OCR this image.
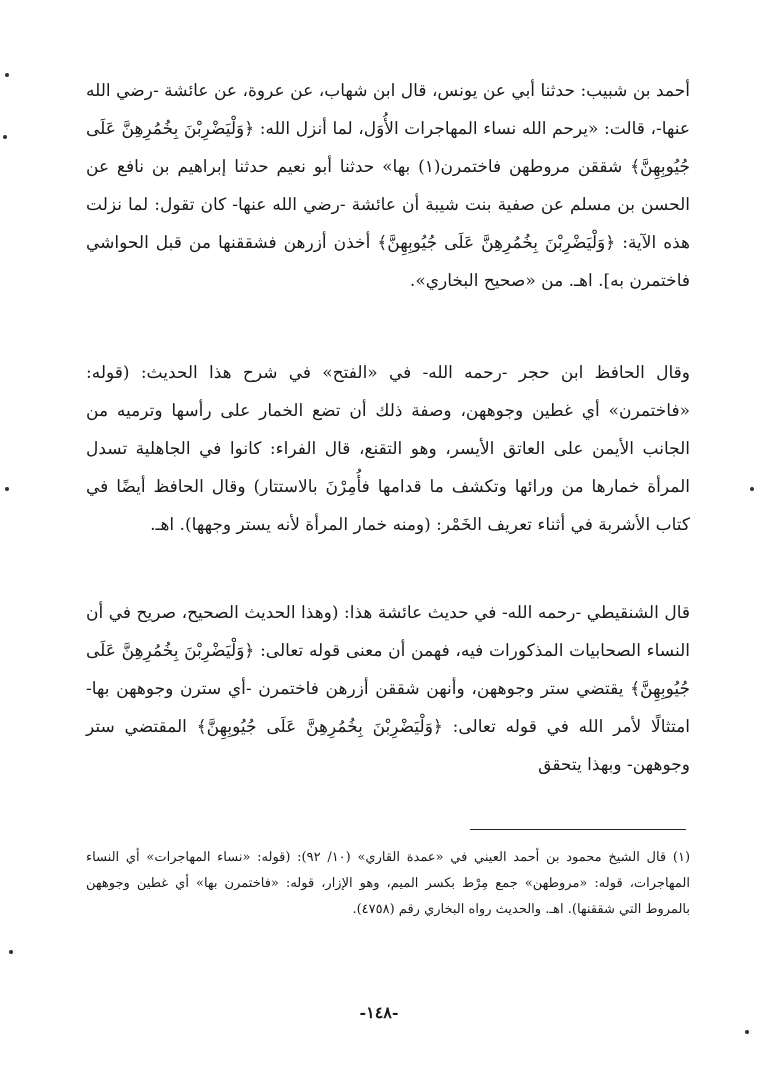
أحمد بن شبيب: حدثنا أبي عن يونس، قال ابن شهاب، عن عروة، عن عائشة -رضي الله عنها-، قالت: «يرحم الله نساء المهاجرات الأُوَل، لما أنزل الله: ﴿وَلْيَضْرِبْنَ بِخُمُرِهِنَّ عَلَى جُيُوبِهِنَّ﴾ شققن مروطهن فاختمرن(١) بها» حدثنا أبو نعيم حدثنا إبراهيم بن نافع عن الحسن بن مسلم عن صفية بنت شيبة أن عائشة -رضي الله عنها- كان تقول: لما نزلت هذه الآية: ﴿وَلْيَضْرِبْنَ بِخُمُرِهِنَّ عَلَى جُيُوبِهِنَّ﴾ أخذن أزرهن فشققنها من قبل الحواشي فاختمرن به]. اهـ. من «صحيح البخاري».

وقال الحافظ ابن حجر -رحمه الله- في «الفتح» في شرح هذا الحديث: (قوله: «فاختمرن» أي غطين وجوههن، وصفة ذلك أن تضع الخمار على رأسها وترميه من الجانب الأيمن على العاتق الأيسر، وهو التقنع، قال الفراء: كانوا في الجاهلية تسدل المرأة خمارها من ورائها وتكشف ما قدامها فأُمِرْنَ بالاستتار) وقال الحافظ أيضًا في كتاب الأشربة في أثناء تعريف الخَمْر: (ومنه خمار المرأة لأنه يستر وجهها). اهـ.

قال الشنقيطي -رحمه الله- في حديث عائشة هذا: (وهذا الحديث الصحيح، صريح في أن النساء الصحابيات المذكورات فيه، فهمن أن معنى قوله تعالى: ﴿وَلْيَضْرِبْنَ بِخُمُرِهِنَّ عَلَى جُيُوبِهِنَّ﴾ يقتضي ستر وجوههن، وأنهن شققن أزرهن فاختمرن -أي سترن وجوههن بها- امتثالًا لأمر الله في قوله تعالى: ﴿وَلْيَضْرِبْنَ بِخُمُرِهِنَّ عَلَى جُيُوبِهِنَّ﴾ المقتضي ستر وجوههن- وبهذا يتحقق

(١) قال الشيخ محمود بن أحمد العيني في «عمدة القاري» (١٠/ ٩٢): (قوله: «نساء المهاجرات» أي النساء المهاجرات، قوله: «مروطهن» جمع مِرْط بكسر الميم، وهو الإزار، قوله: «فاختمرن بها» أي غطين وجوههن بالمروط التي شققنها). اهـ. والحديث رواه البخاري رقم (٤٧٥٨).

-١٤٨-
